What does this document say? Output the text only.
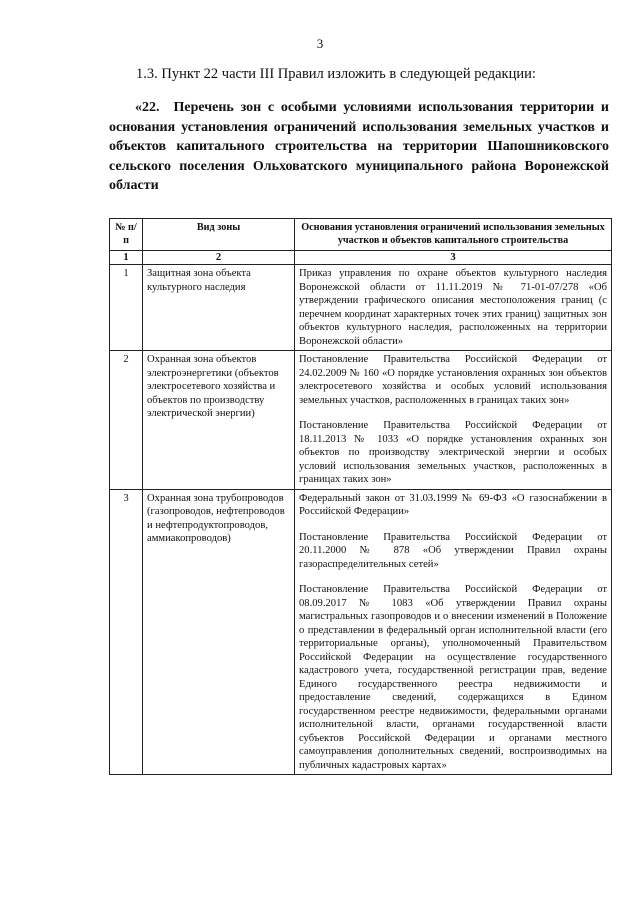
3
1.3. Пункт 22 части III Правил изложить в следующей редакции:
«22. Перечень зон с особыми условиями использования территории и основания установления ограничений использования земельных участков и объектов капитального строительства на территории Шапошниковского сельского поселения Ольховатского муниципального района Воронежской области
№ п/п	Вид зоны	Основания установления ограничений использования земельных участков и объектов капитального строительства
1	2	3
1	Защитная зона объекта культурного наследия	Приказ управления по охране объектов культурного наследия Воронежской области от 11.11.2019 № 71-01-07/278 «Об утверждении графического описания местоположения границ (с перечнем координат характерных точек этих границ) защитных зон объектов культурного наследия, расположенных на территории Воронежской области»

2	Охранная зона объектов электроэнергетики (объектов электросетевого хозяйства и объектов по производству электрической энергии)	Постановление Правительства Российской Федерации от 24.02.2009 № 160 «О порядке установления охранных зон объектов электросетевого хозяйства и особых условий использования земельных участков, расположенных в границах таких зон»

Постановление Правительства Российской Федерации от 18.11.2013 № 1033 «О порядке установления охранных зон объектов по производству электрической энергии и особых условий использования земельных участков, расположенных в границах таких зон»

3	Охранная зона трубопроводов (газопроводов, нефтепроводов и нефтепродуктопроводов, аммиакопроводов)	Федеральный закон от 31.03.1999 № 69-ФЗ «О газоснабжении в Российской Федерации»

Постановление Правительства Российской Федерации от 20.11.2000 № 878 «Об утверждении Правил охраны газораспределительных сетей»

Постановление Правительства Российской Федерации от 08.09.2017 № 1083 «Об утверждении Правил охраны магистральных газопроводов и о внесении изменений в Положение о представлении в федеральный орган исполнительной власти (его территориальные органы), уполномоченный Правительством Российской Федерации на осуществление государственного кадастрового учета, государственной регистрации прав, ведение Единого государственного реестра недвижимости и предоставление сведений, содержащихся в Едином государственном реестре недвижимости, федеральными органами исполнительной власти, органами государственной власти субъектов Российской Федерации и органами местного самоуправления дополнительных сведений, воспроизводимых на публичных кадастровых картах»
